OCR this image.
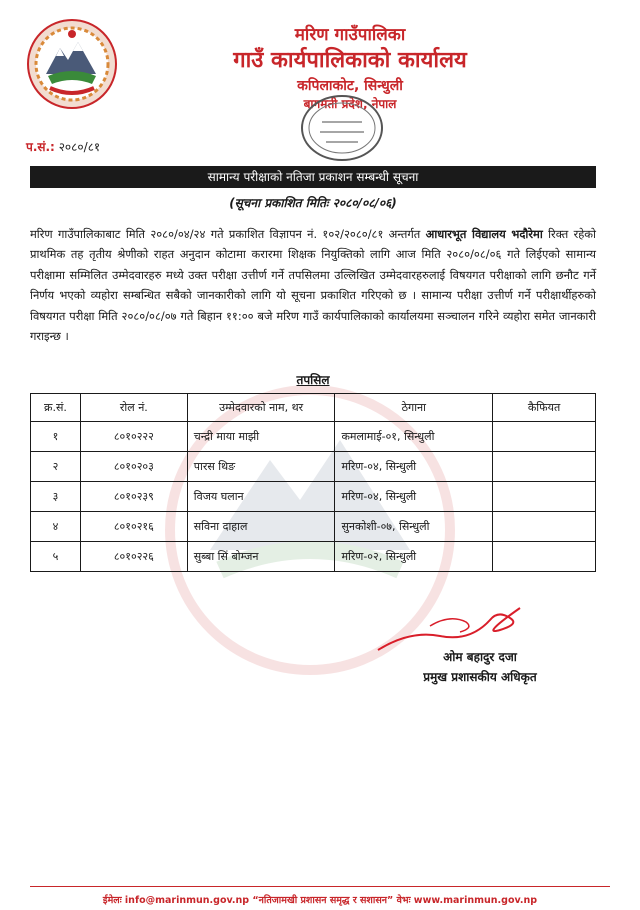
मरिण गाउँपालिका
गाउँ कार्यपालिकाको कार्यालय
कपिलाकोट, सिन्धुली
बागमती प्रदेश, नेपाल
प.सं.: २०८०/८१
सामान्य परीक्षाको नतिजा प्रकाशन सम्बन्धी सूचना
(सूचना प्रकाशित मितिः २०८०/०८/०६)
मरिण गाउँपालिकाबाट मिति २०८०/०४/२४ गते प्रकाशित विज्ञापन नं. १०२/२०८०/८१ अन्तर्गत आधारभूत विद्यालय भदौरेमा रिक्त रहेको प्राथमिक तह तृतीय श्रेणीको राहत अनुदान कोटामा करारमा शिक्षक नियुक्तिको लागि आज मिति २०८०/०८/०६ गते लिईएको सामान्य परीक्षामा सम्मिलित उम्मेदवारहरु मध्ये उक्त परीक्षा उत्तीर्ण गर्ने तपसिलमा उल्लिखित उम्मेदवारहरुलाई विषयगत परीक्षाको लागि छनौट गर्ने निर्णय भएको व्यहोरा सम्बन्धित सबैको जानकारीको लागि यो सूचना प्रकाशित गरिएको छ । सामान्य परीक्षा उत्तीर्ण गर्ने परीक्षार्थीहरुको विषयगत परीक्षा मिति २०८०/०८/०७ गते बिहान ११:०० बजे मरिण गाउँ कार्यपालिकाको कार्यालयमा सञ्चालन गरिने व्यहोरा समेत जानकारी गराइन्छ ।
तपसिल
क्र.सं.	रोल नं.	उम्मेदवारको नाम, थर	ठेगाना	कैफियत
१	८०१०२२२	चन्द्री माया माझी	कमलामाई-०१, सिन्धुली	
२	८०१०२०३	पारस थिङ	मरिण-०४, सिन्धुली	
३	८०१०२३९	विजय घलान	मरिण-०४, सिन्धुली	
४	८०१०२१६	सविना दाहाल	सुनकोशी-०७, सिन्धुली	
५	८०१०२२६	सुब्बा सिं बोम्जन	मरिण-०२, सिन्धुली	
ओम बहादुर दजा
प्रमुख प्रशासकीय अधिकृत
ईमेलः info@marinmun.gov.np “नतिजामखी प्रशासन समृद्ध र सशासन” वेभः www.marinmun.gov.np
